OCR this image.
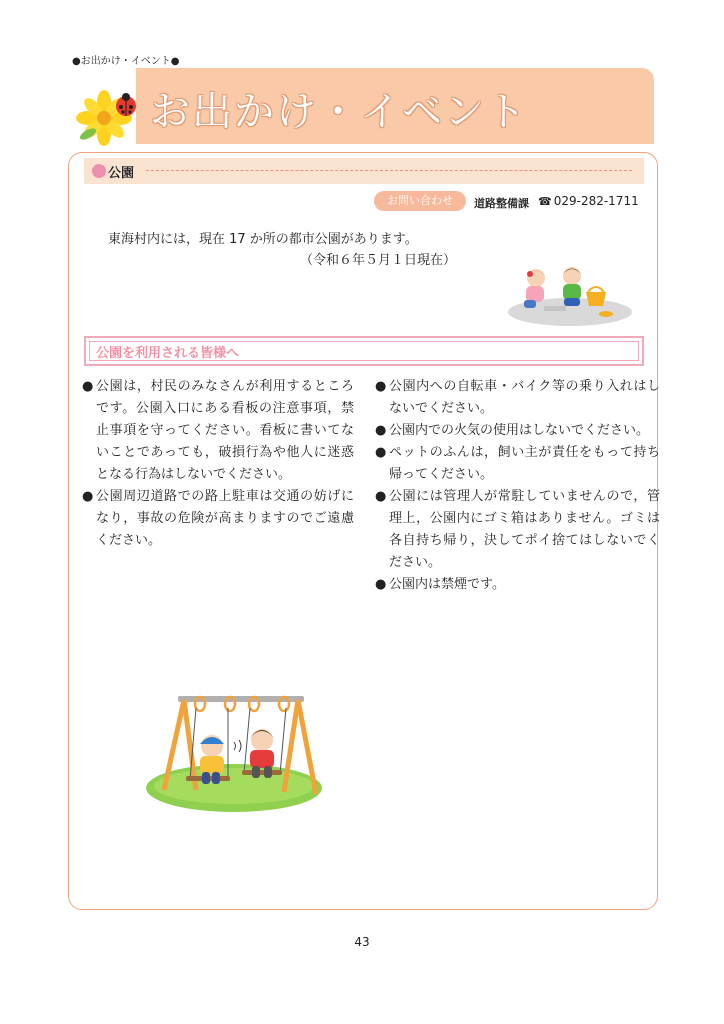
●お出かけ・イベント●
お出かけ・イベント
公園
お問い合わせ	道路整備課 ☎ 029-282-1711
東海村内には，現在 17 か所の都市公園があります。
（令和６年５月１日現在）
公園を利用される皆様へ
● 公園は，村民のみなさんが利用するところです。公園入口にある看板の注意事項，禁止事項を守ってください。看板に書いてないことであっても，破損行為や他人に迷惑となる行為はしないでください。
● 公園周辺道路での路上駐車は交通の妨げになり，事故の危険が高まりますのでご遠慮ください。
● 公園内への自転車・バイク等の乗り入れはしないでください。
● 公園内での火気の使用はしないでください。
● ペットのふんは，飼い主が責任をもって持ち帰ってください。
● 公園には管理人が常駐していませんので，管理上，公園内にゴミ箱はありません。ゴミは各自持ち帰り，決してポイ捨てはしないでください。
● 公園内は禁煙です。
43
